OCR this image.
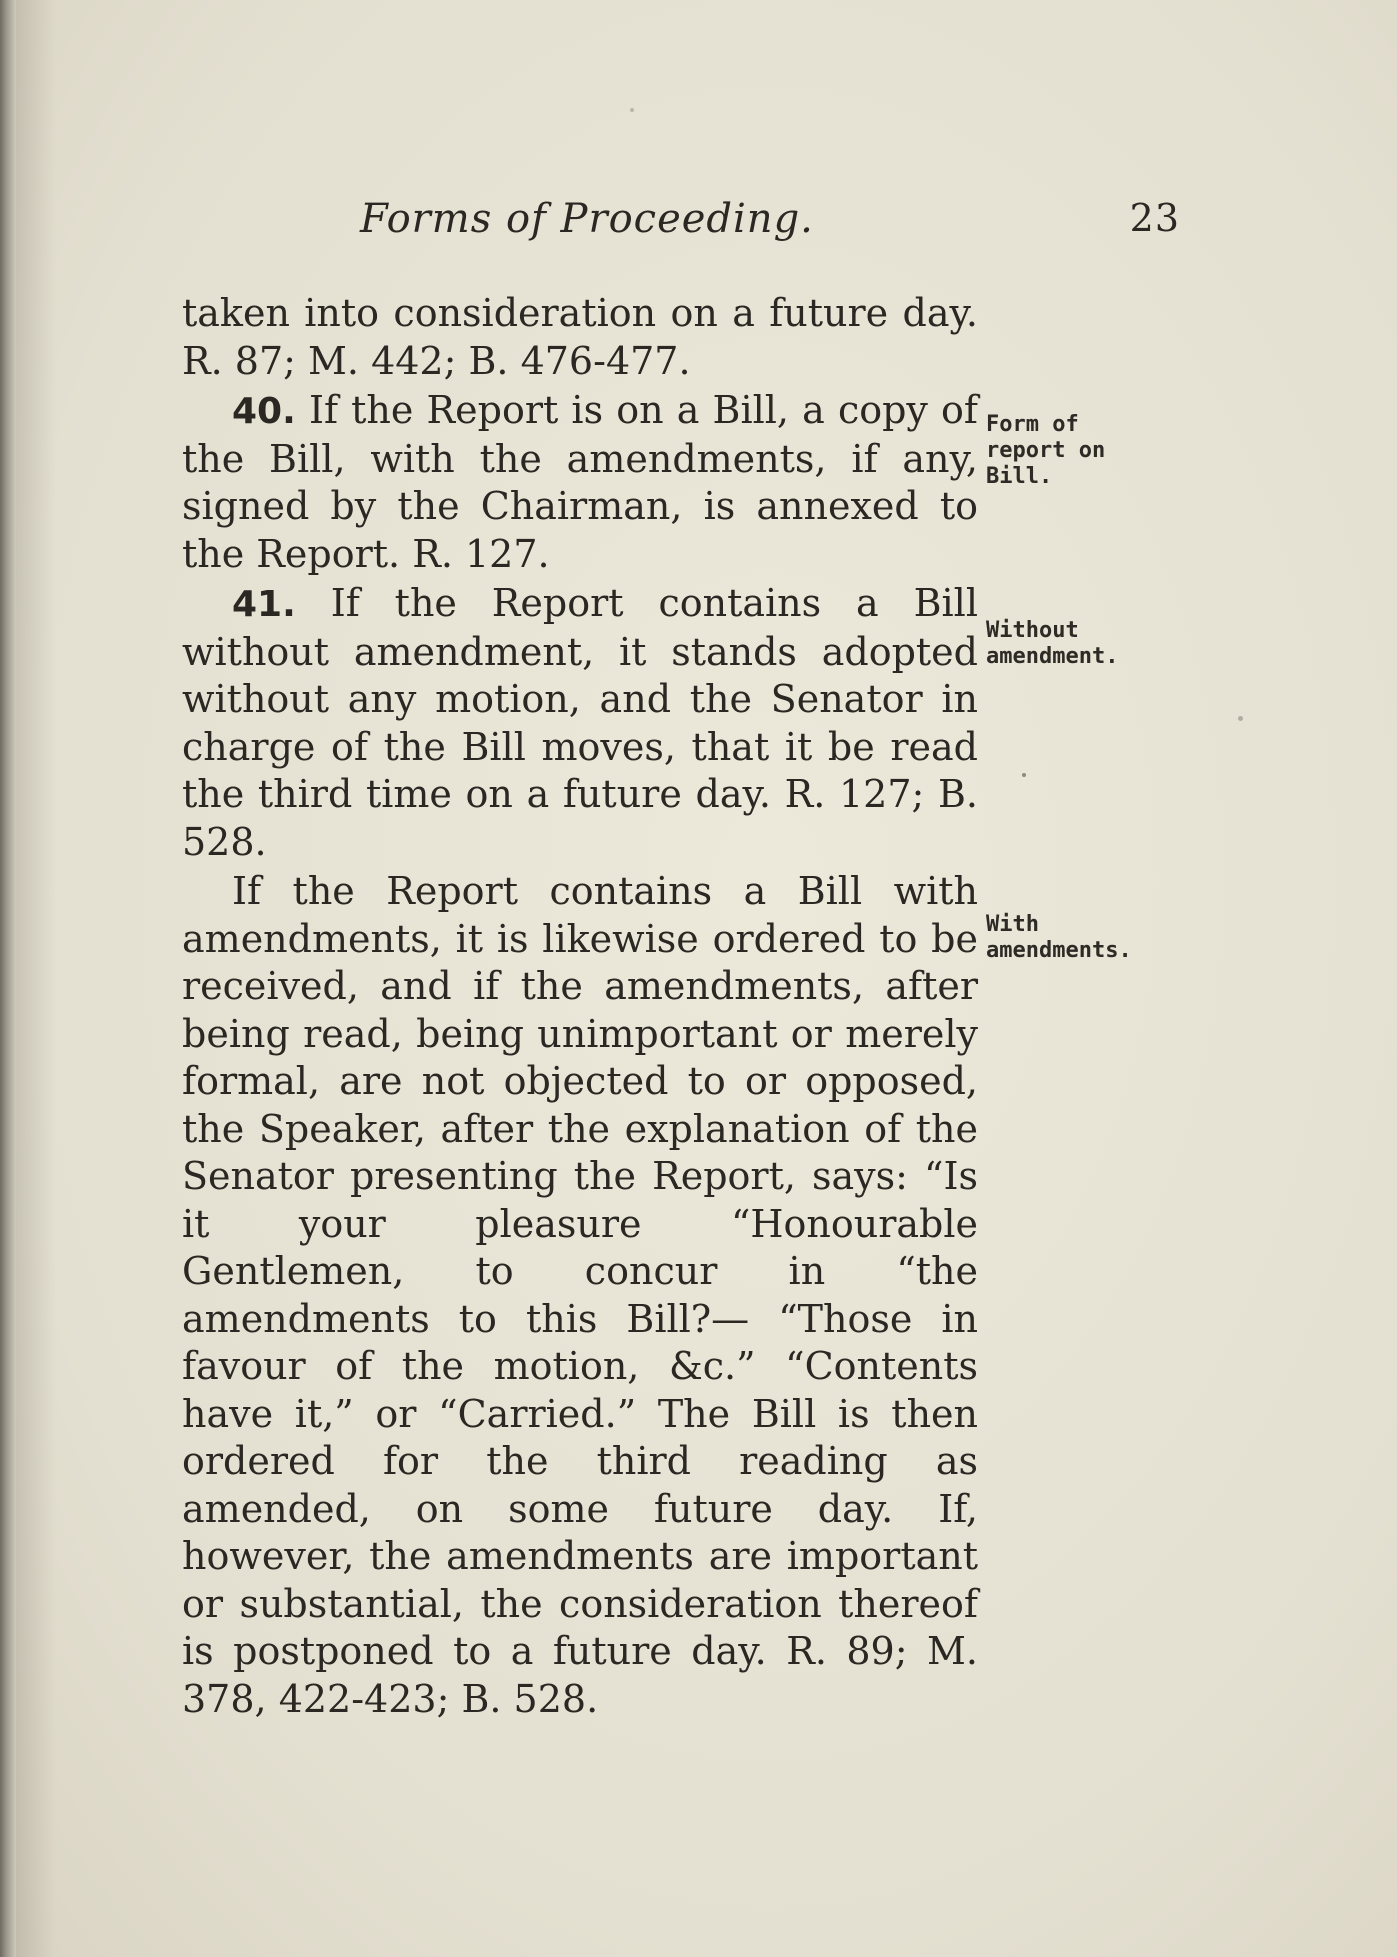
Forms of Proceeding.	23

taken into consideration on a future day. R. 87; M. 442; B. 476-477.

40. If the Report is on a Bill, a copy of the Bill, with the amendments, if any, signed by the Chairman, is annexed to the Report. R. 127.

41. If the Report contains a Bill without amendment, it stands adopted without any motion, and the Senator in charge of the Bill moves, that it be read the third time on a future day. R. 127; B. 528.

If the Report contains a Bill with amendments, it is likewise ordered to be received, and if the amendments, after being read, being unimportant or merely formal, are not objected to or opposed, the Speaker, after the explanation of the Senator presenting the Report, says: “Is it your pleasure “Honourable Gentlemen, to concur in “the amendments to this Bill?— “Those in favour of the motion, &c.” “Contents have it,” or “Carried.” The Bill is then ordered for the third reading as amended, on some future day. If, however, the amendments are important or substantial, the consideration thereof is postponed to a future day. R. 89; M. 378, 422-423; B. 528.

Form of report on Bill.
Without amendment.
With amendments.
